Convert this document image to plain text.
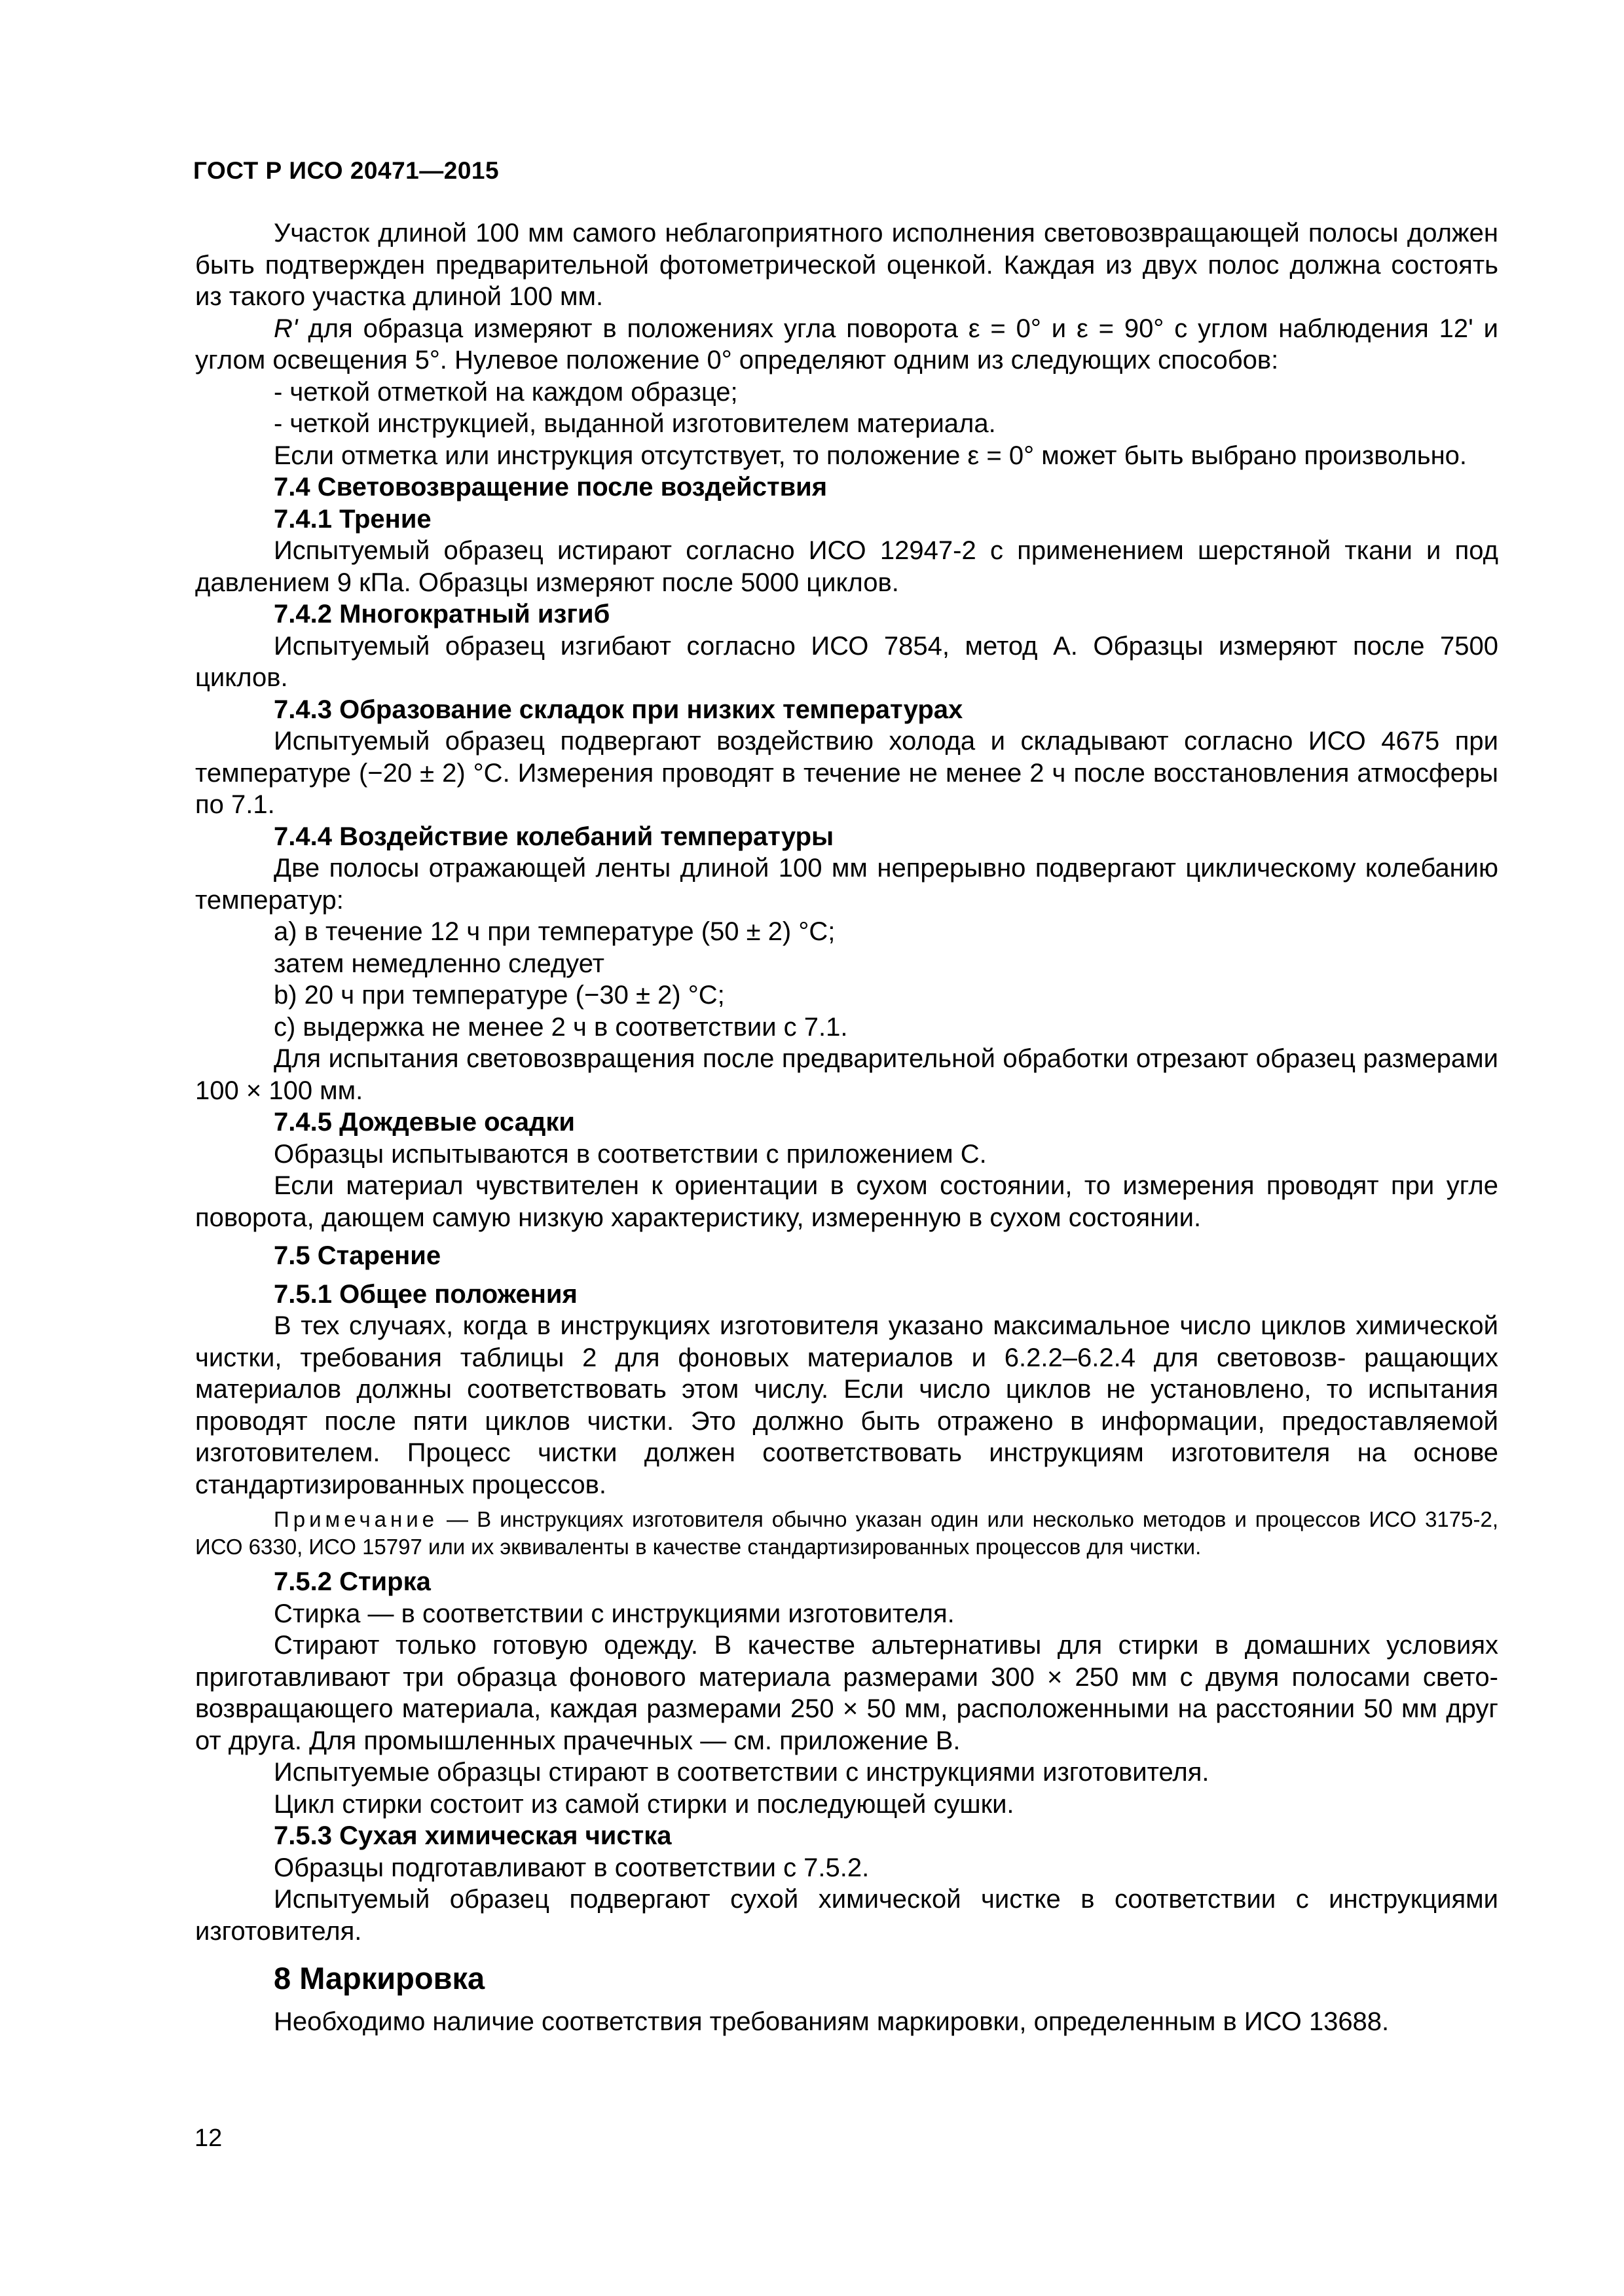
ГОСТ Р ИСО 20471—2015

Участок длиной 100 мм самого неблагоприятного исполнения световозвращающей полосы должен быть подтвержден предварительной фотометрической оценкой. Каждая из двух полос должна состоять из такого участка длиной 100 мм.

R' для образца измеряют в положениях угла поворота ε = 0° и ε = 90° с углом наблюдения 12' и углом освещения 5°. Нулевое положение 0° определяют одним из следующих способов:

- четкой отметкой на каждом образце;

- четкой инструкцией, выданной изготовителем материала.

Если отметка или инструкция отсутствует, то положение ε = 0° может быть выбрано произвольно.

7.4 Световозвращение после воздействия

7.4.1 Трение

Испытуемый образец истирают согласно ИСО 12947-2 с применением шерстяной ткани и под давлением 9 кПа. Образцы измеряют после 5000 циклов.

7.4.2 Многократный изгиб

Испытуемый образец изгибают согласно ИСО 7854, метод А. Образцы измеряют после 7500 циклов.

7.4.3 Образование складок при низких температурах

Испытуемый образец подвергают воздействию холода и складывают согласно ИСО 4675 при температуре (−20 ± 2) °С. Измерения проводят в течение не менее 2 ч после восстановления атмосферы по 7.1.

7.4.4 Воздействие колебаний температуры

Две полосы отражающей ленты длиной 100 мм непрерывно подвергают циклическому колебанию температур:

a) в течение 12 ч при температуре (50 ± 2) °С;

затем немедленно следует

b) 20 ч при температуре (−30 ± 2) °С;

c) выдержка не менее 2 ч в соответствии с 7.1.

Для испытания световозвращения после предварительной обработки отрезают образец размерами 100 × 100 мм.

7.4.5 Дождевые осадки

Образцы испытываются в соответствии с приложением С.

Если материал чувствителен к ориентации в сухом состоянии, то измерения проводят при угле поворота, дающем самую низкую характеристику, измеренную в сухом состоянии.

7.5 Старение

7.5.1 Общее положения

В тех случаях, когда в инструкциях изготовителя указано максимальное число циклов химической чистки, требования таблицы 2 для фоновых материалов и 6.2.2–6.2.4 для световозв- ращающих материалов должны соответствовать этом числу. Если число циклов не установлено, то испытания проводят после пяти циклов чистки. Это должно быть отражено в информации, предоставляемой изготовителем. Процесс чистки должен соответствовать инструкциям изготовителя на основе стандартизированных процессов.

Примечание — В инструкциях изготовителя обычно указан один или несколько методов и процессов ИСО 3175-2, ИСО 6330, ИСО 15797 или их эквиваленты в качестве стандартизированных процессов для чистки.

7.5.2 Стирка

Стирка — в соответствии с инструкциями изготовителя.

Стирают только готовую одежду. В качестве альтернативы для стирки в домашних условиях приготавливают три образца фонового материала размерами 300 × 250 мм с двумя полосами свето- возвращающего материала, каждая размерами 250 × 50 мм, расположенными на расстоянии 50 мм друг от друга. Для промышленных прачечных — см. приложение В.

Испытуемые образцы стирают в соответствии с инструкциями изготовителя.

Цикл стирки состоит из самой стирки и последующей сушки.

7.5.3 Сухая химическая чистка

Образцы подготавливают в соответствии с 7.5.2.

Испытуемый образец подвергают сухой химической чистке в соответствии с инструкциями изготовителя.

8 Маркировка

Необходимо наличие соответствия требованиям маркировки, определенным в ИСО 13688.

12
